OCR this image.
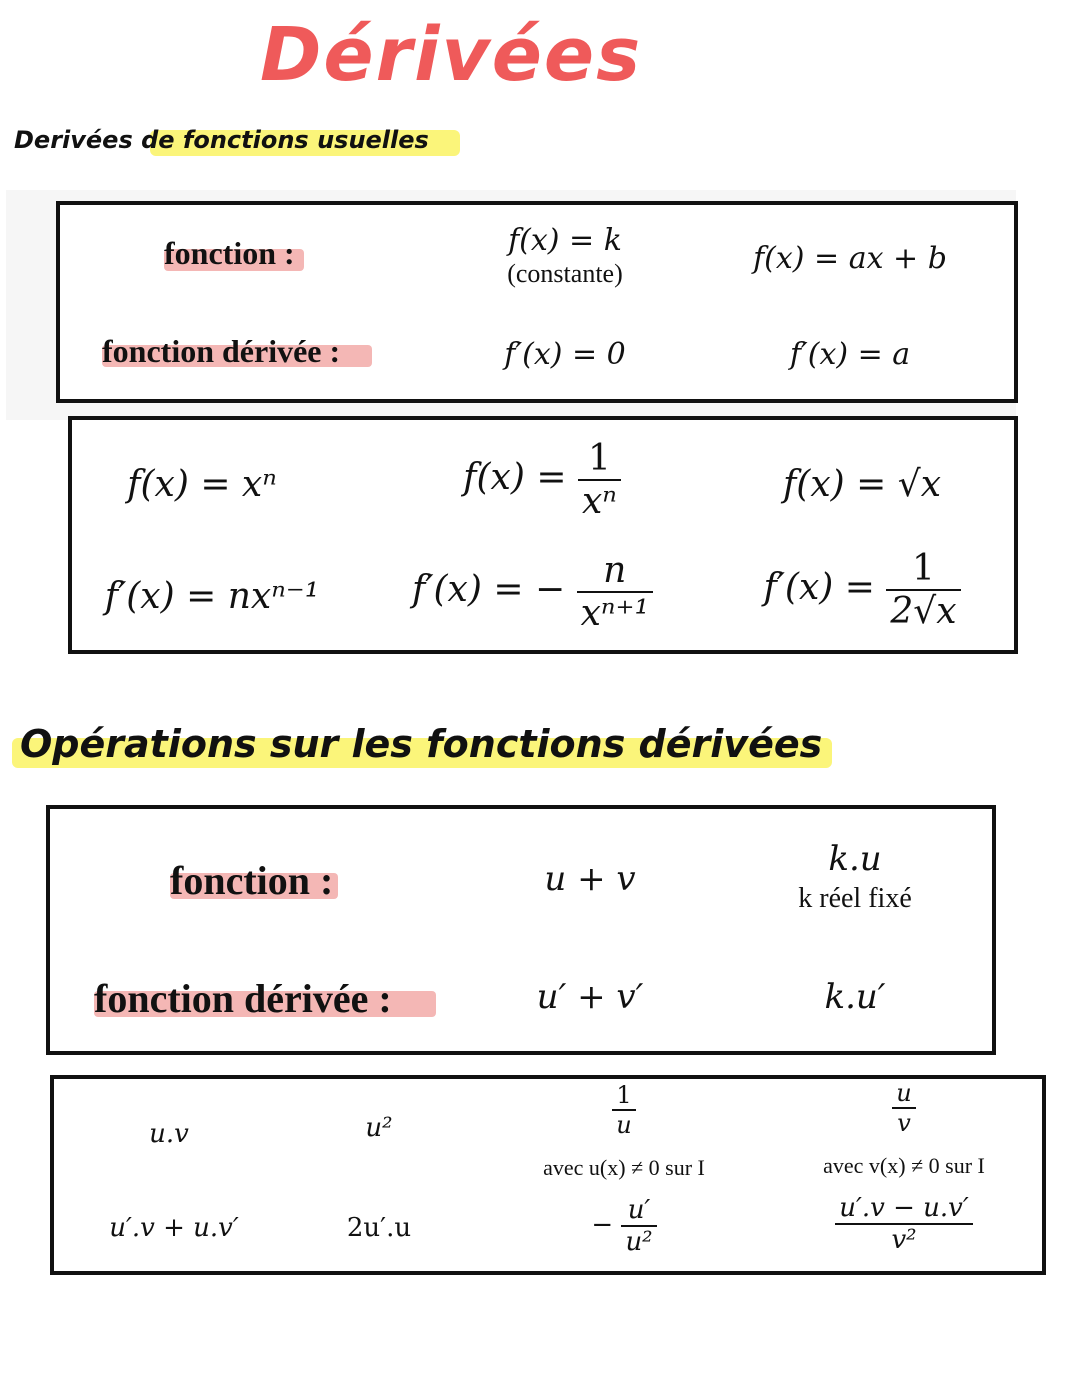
Dérivées
Derivées de fonctions usuelles
fonction :
fonction dérivée :
f(x) = k
(constante)
f′(x) = 0
f(x) = ax + b
f′(x) = a
f(x) = xⁿ
f′(x) = nxⁿ⁻¹
$f(x) = \frac{1}{\text{xⁿ}}$
f′(x) = − $\frac{n}{\text{xⁿ⁺¹}}$
f(x) = √x
$f'(x) = \frac{1}{2√x}$
Opérations sur les fonctions dérivées
fonction :
fonction dérivée :
u + v
u′ + v′
k.u
k réel fixé
k.u′
u.v
u′.v + u.v′
u²
2u′.u
$\frac{1}{u}$
avec u(x) ≠ 0 sur I
− $\frac{u'}{\text{u²}}$
$\frac{u}{v}$
avec v(x) ≠ 0 sur I
$\frac{u'.v - u.v'}{\text{v²}}$
